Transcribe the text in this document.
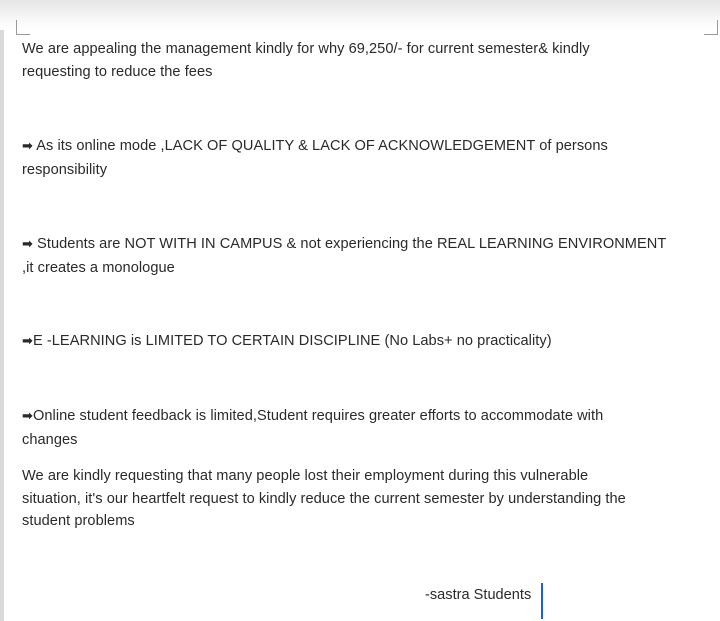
We are appealing the management kindly for why 69,250/- for current semester& kindly
requesting to reduce the fees

➡ As its online mode ,LACK OF QUALITY & LACK OF ACKNOWLEDGEMENT of persons
responsibility

➡ Students are NOT WITH IN CAMPUS & not experiencing the REAL LEARNING ENVIRONMENT
,it creates a monologue

➡E -LEARNING is LIMITED TO CERTAIN DISCIPLINE (No Labs+ no practicality)

➡Online student feedback is limited,Student requires greater efforts to accommodate with
changes

We are kindly requesting that many people lost their employment during this vulnerable
situation, it's our heartfelt request to kindly reduce the current semester by understanding the
student problems

-sastra Students
